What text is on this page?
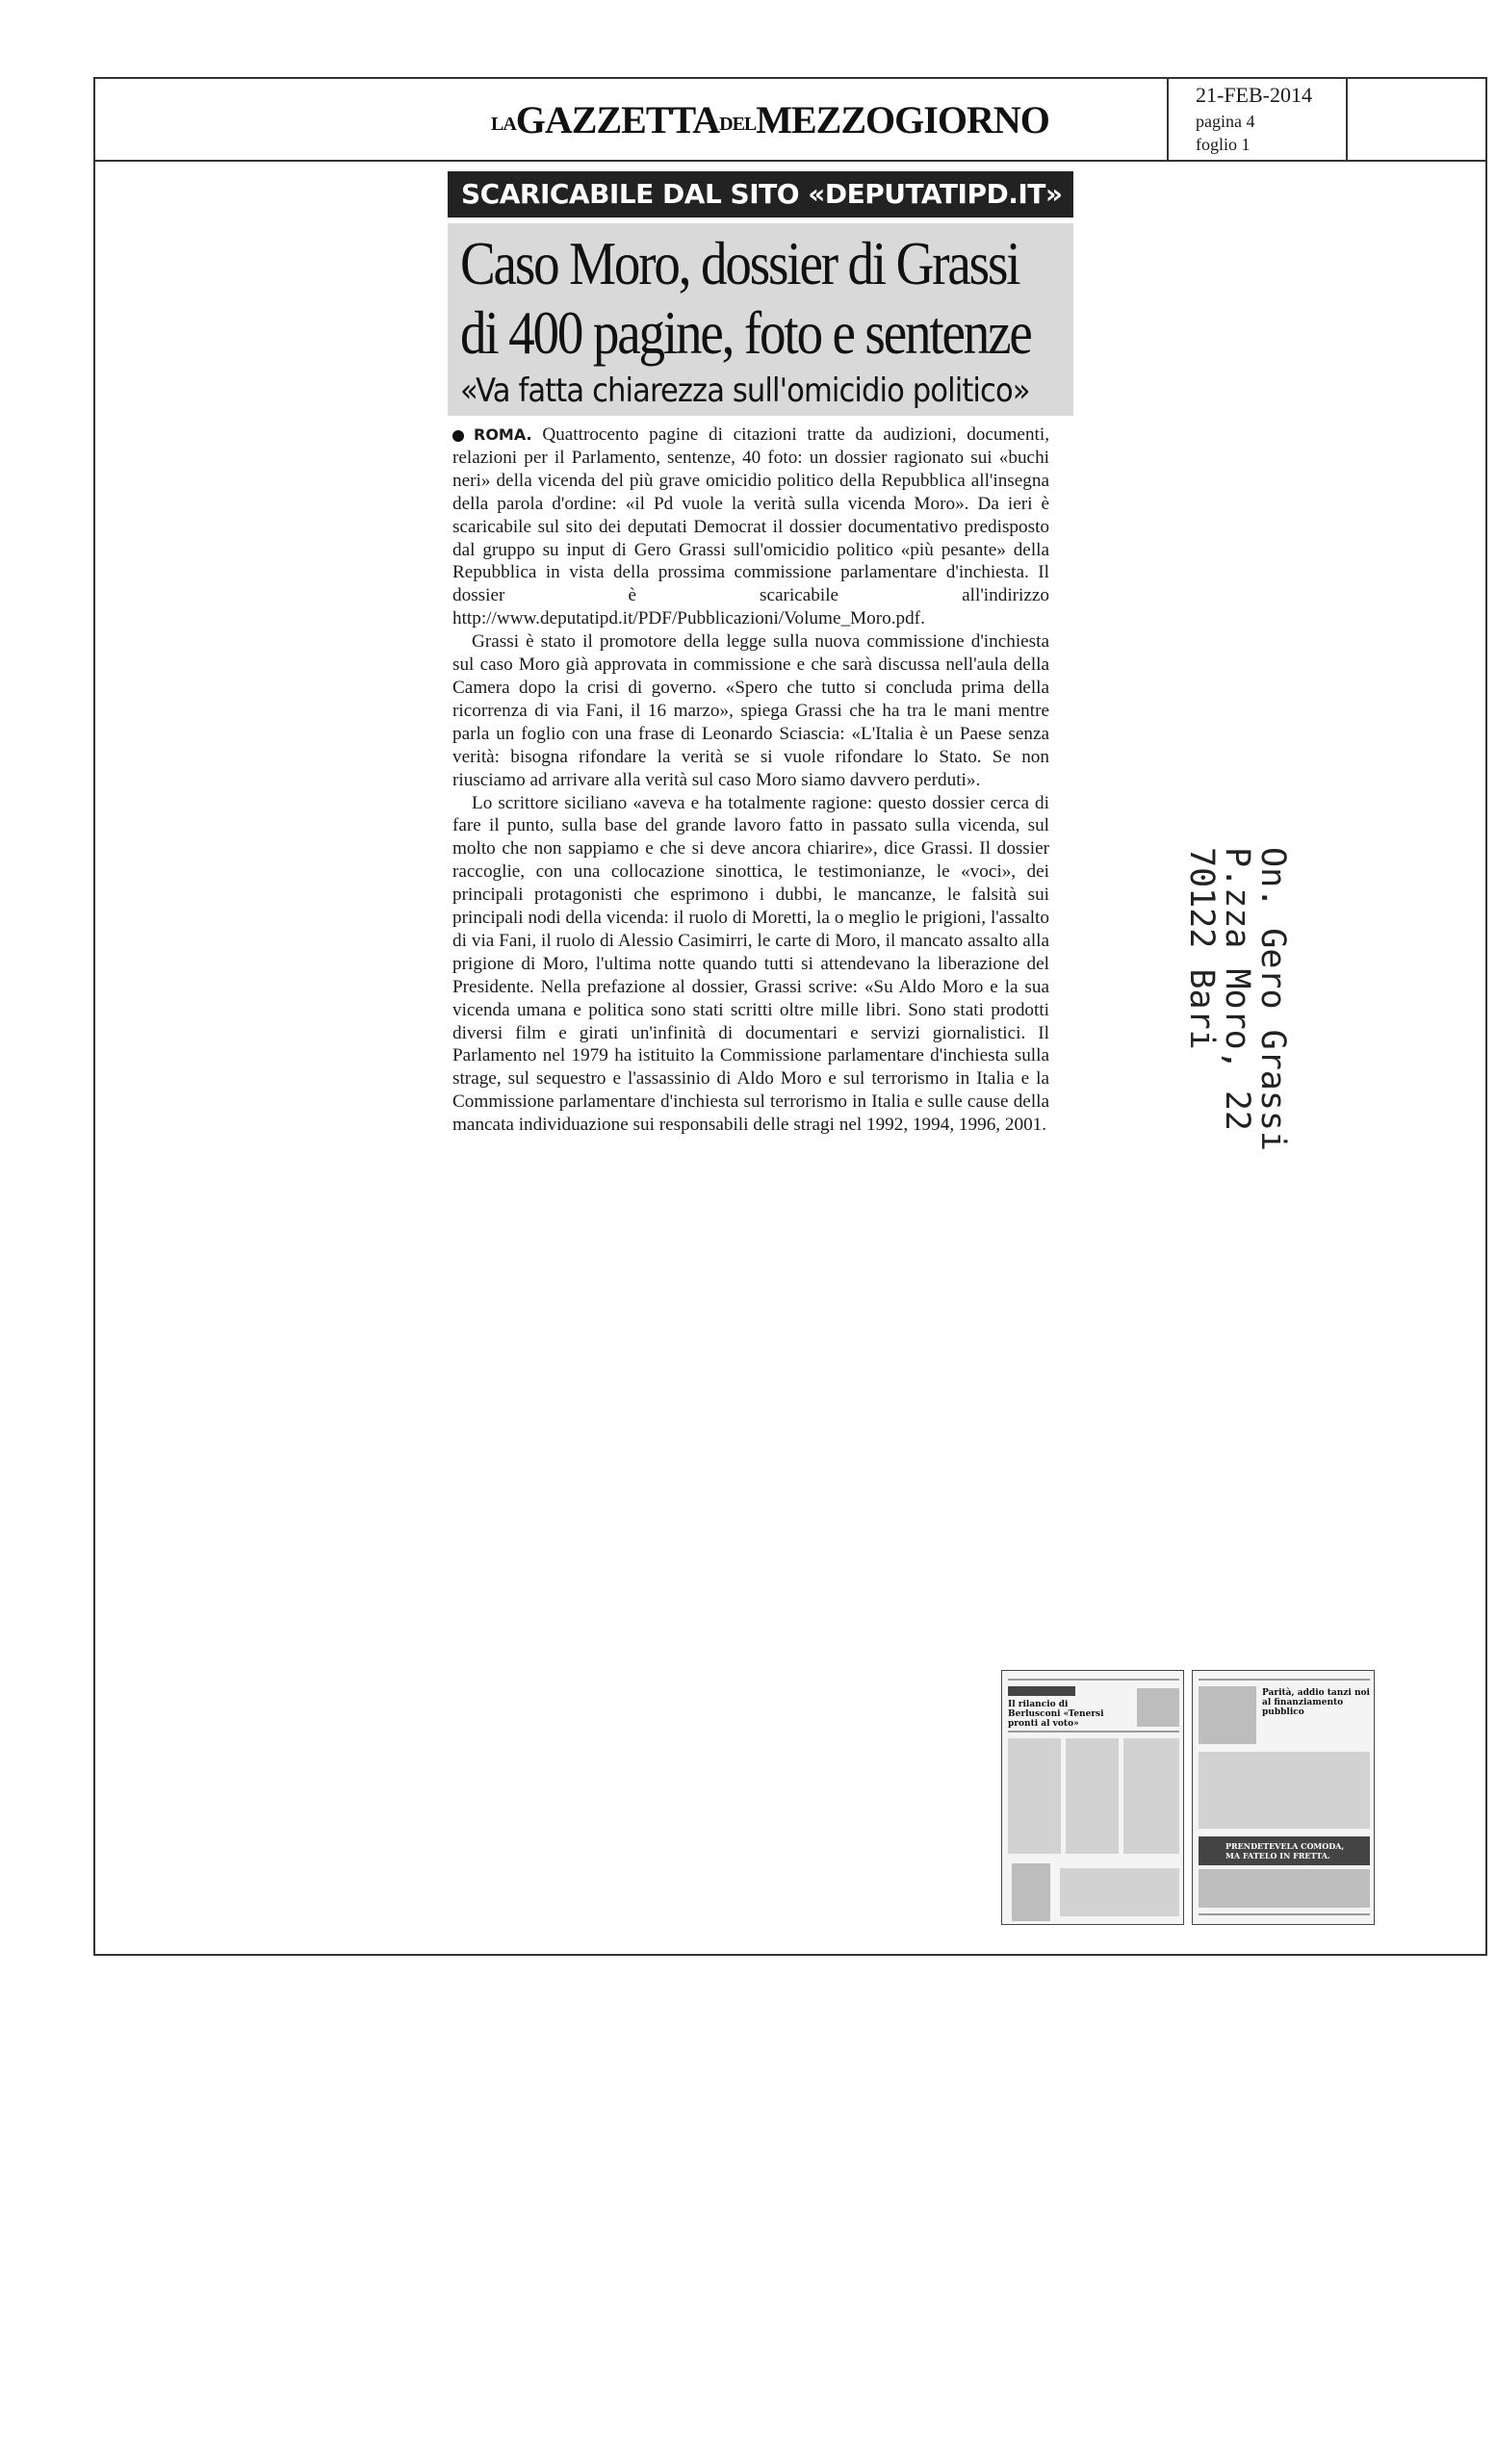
LAGAZZETTADELMEZZOGIORNO
21-FEB-2014
pagina 4
foglio 1
SCARICABILE DAL SITO «DEPUTATIPD.IT»
Caso Moro, dossier di Grassi
di 400 pagine, foto e sentenze
«Va fatta chiarezza sull'omicidio politico»

ROMA. Quattrocento pagine di citazioni tratte da audizioni, documenti, relazioni per il Parlamento, sentenze, 40 foto: un dossier ragionato sui «buchi neri» della vicenda del più grave omicidio politico della Repubblica all'insegna della parola d'ordine: «il Pd vuole la verità sulla vicenda Moro». Da ieri è scaricabile sul sito dei deputati Democrat il dossier documentativo predisposto dal gruppo su input di Gero Grassi sull'omicidio politico «più pesante» della Repubblica in vista della prossima commissione parlamentare d'inchiesta. Il dossier è scaricabile all'indirizzo http://www.deputatipd.it/PDF/Pubblicazioni/Volume_Moro.pdf.

Grassi è stato il promotore della legge sulla nuova commissione d'inchiesta sul caso Moro già approvata in commissione e che sarà discussa nell'aula della Camera dopo la crisi di governo. «Spero che tutto si concluda prima della ricorrenza di via Fani, il 16 marzo», spiega Grassi che ha tra le mani mentre parla un foglio con una frase di Leonardo Sciascia: «L'Italia è un Paese senza verità: bisogna rifondare la verità se si vuole rifondare lo Stato. Se non riusciamo ad arrivare alla verità sul caso Moro siamo davvero perduti».

Lo scrittore siciliano «aveva e ha totalmente ragione: questo dossier cerca di fare il punto, sulla base del grande lavoro fatto in passato sulla vicenda, sul molto che non sappiamo e che si deve ancora chiarire», dice Grassi. Il dossier raccoglie, con una collocazione sinottica, le testimonianze, le «voci», dei principali protagonisti che esprimono i dubbi, le mancanze, le falsità sui principali nodi della vicenda: il ruolo di Moretti, la o meglio le prigioni, l'assalto di via Fani, il ruolo di Alessio Casimirri, le carte di Moro, il mancato assalto alla prigione di Moro, l'ultima notte quando tutti si attendevano la liberazione del Presidente. Nella prefazione al dossier, Grassi scrive: «Su Aldo Moro e la sua vicenda umana e politica sono stati scritti oltre mille libri. Sono stati prodotti diversi film e girati un'infinità di documentari e servizi giornalistici. Il Parlamento nel 1979 ha istituito la Commissione parlamentare d'inchiesta sulla strage, sul sequestro e l'assassinio di Aldo Moro e sul terrorismo in Italia e la Commissione parlamentare d'inchiesta sul terrorismo in Italia e sulle cause della mancata individuazione sui responsabili delle stragi nel 1992, 1994, 1996, 2001.	On. Gero Grassi
P.zza Moro, 22
70122 Bari
Il rilancio di Berlusconi «Tenersi pronti al voto»
Parità, addio tanzi noi al finanziamento pubblico
PRENDETEVELA COMODA, MA FATELO IN FRETTA.
